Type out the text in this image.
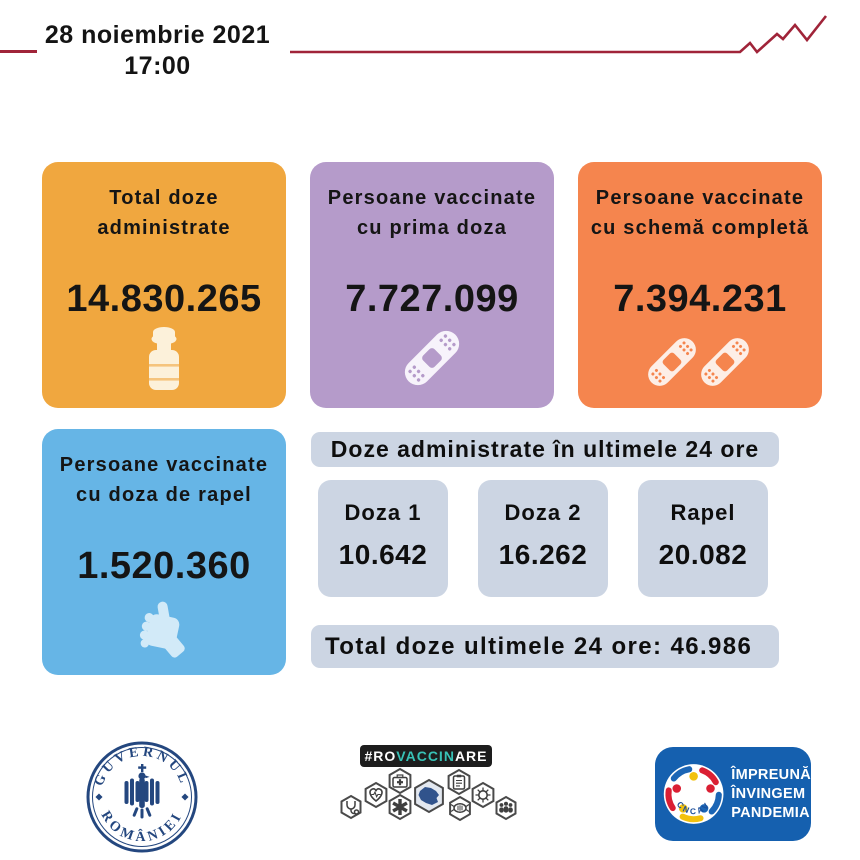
28 noiembrie 2021
17:00
Total doze administrate
14.830.265
Persoane vaccinate cu prima doza
7.727.099
Persoane vaccinate cu schemă completă
7.394.231
Persoane vaccinate cu doza de rapel
1.520.360
Doze administrate în ultimele 24 ore
Doza 1
10.642
Doza 2
16.262
Rapel
20.082
Total doze ultimele 24 ore: 46.986
GUVERNUL
ROMÂNIEI
#RO VACCIN ARE
CNCAV
ÎMPREUNĂ
ÎNVINGEM
PANDEMIA
